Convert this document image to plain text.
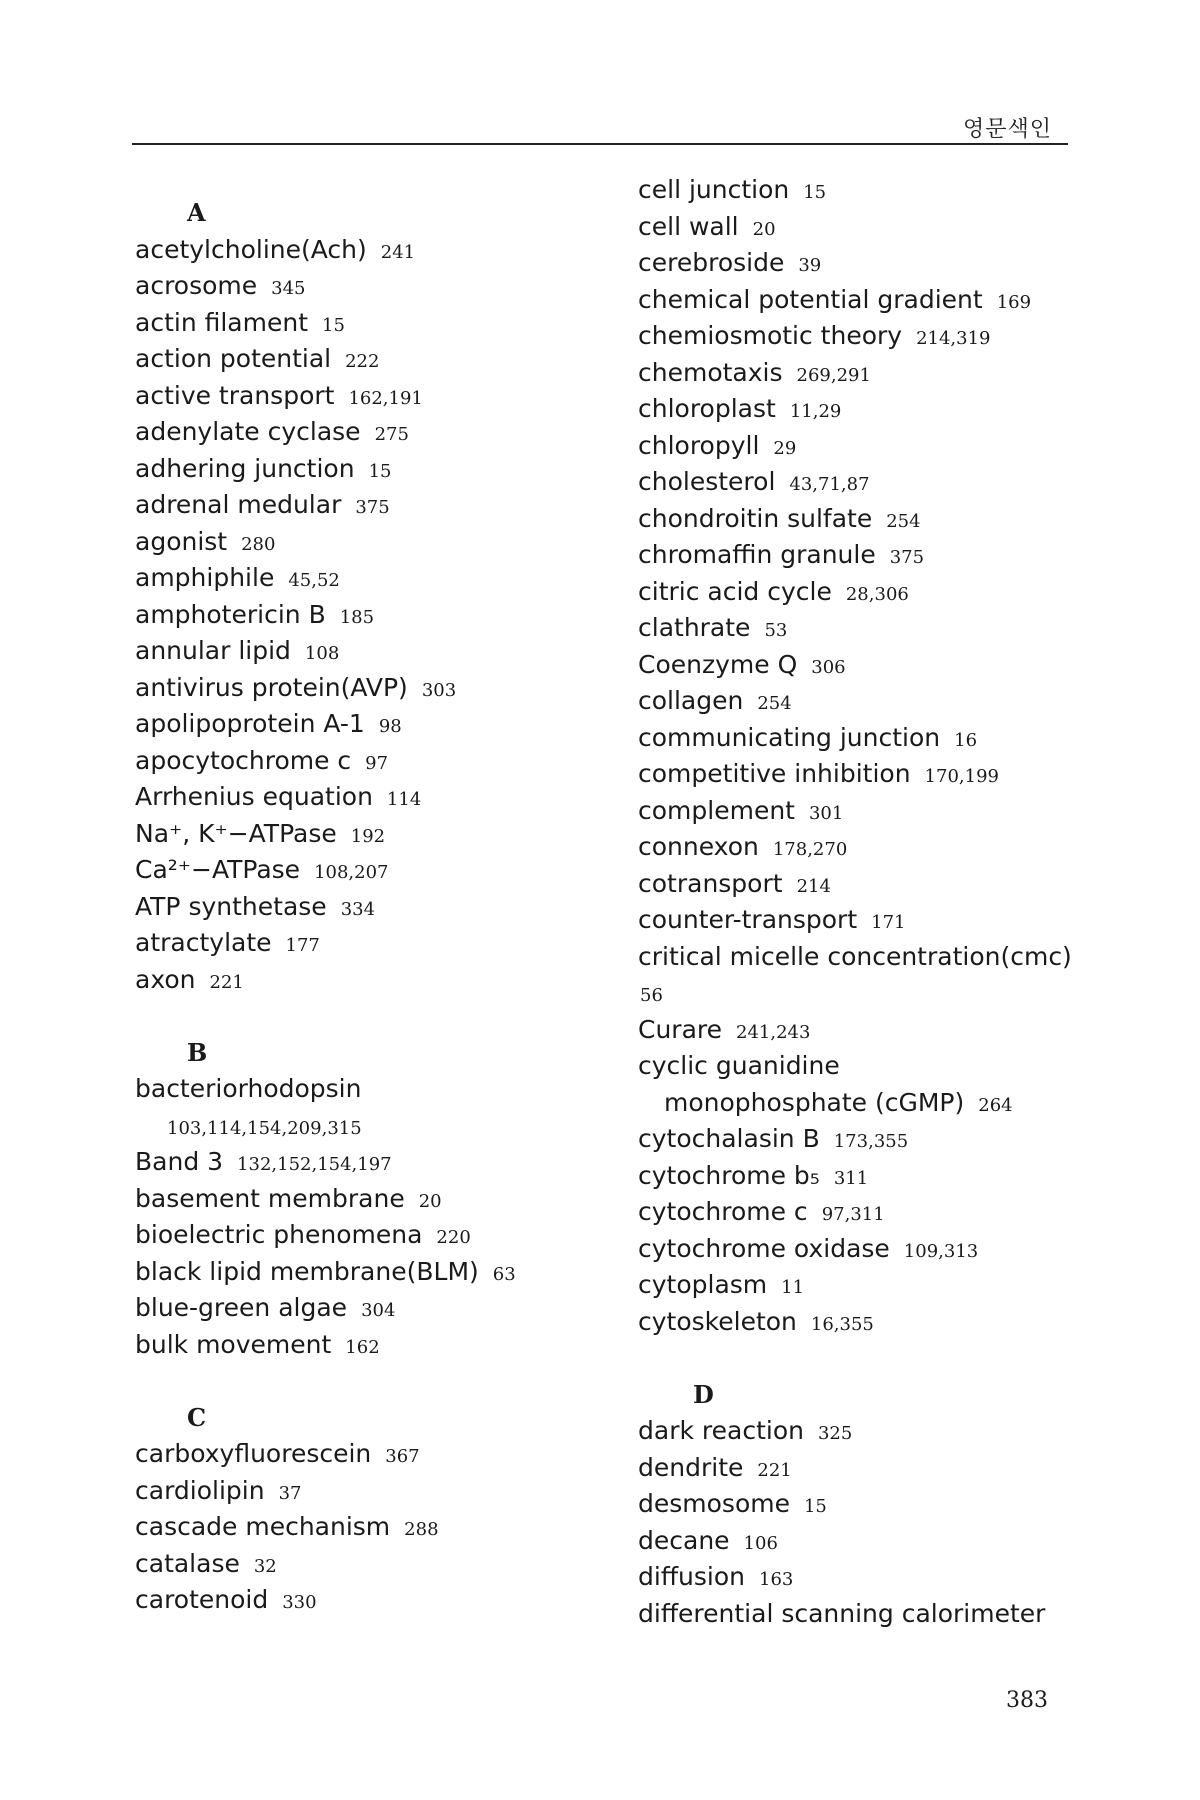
영문색인
A
acetylcholine(Ach) 241
acrosome 345
actin filament 15
action potential 222
active transport 162,191
adenylate cyclase 275
adhering junction 15
adrenal medular 375
agonist 280
amphiphile 45,52
amphotericin B 185
annular lipid 108
antivirus protein(AVP) 303
apolipoprotein A-1 98
apocytochrome c 97
Arrhenius equation 114
Na⁺, K⁺−ATPase 192
Ca²⁺−ATPase 108,207
ATP synthetase 334
atractylate 177
axon 221
B
bacteriorhodopsin
103,114,154,209,315
Band 3 132,152,154,197
basement membrane 20
bioelectric phenomena 220
black lipid membrane(BLM) 63
blue-green algae 304
bulk movement 162
C
carboxyfluorescein 367
cardiolipin 37
cascade mechanism 288
catalase 32
carotenoid 330
cell junction 15
cell wall 20
cerebroside 39
chemical potential gradient 169
chemiosmotic theory 214,319
chemotaxis 269,291
chloroplast 11,29
chloropyll 29
cholesterol 43,71,87
chondroitin sulfate 254
chromaffin granule 375
citric acid cycle 28,306
clathrate 53
Coenzyme Q 306
collagen 254
communicating junction 16
competitive inhibition 170,199
complement 301
connexon 178,270
cotransport 214
counter-transport 171
critical micelle concentration(cmc)
56
Curare 241,243
cyclic guanidine
monophosphate (cGMP) 264
cytochalasin B 173,355
cytochrome b₅ 311
cytochrome c 97,311
cytochrome oxidase 109,313
cytoplasm 11
cytoskeleton 16,355
D
dark reaction 325
dendrite 221
desmosome 15
decane 106
diffusion 163
differential scanning calorimeter
383
